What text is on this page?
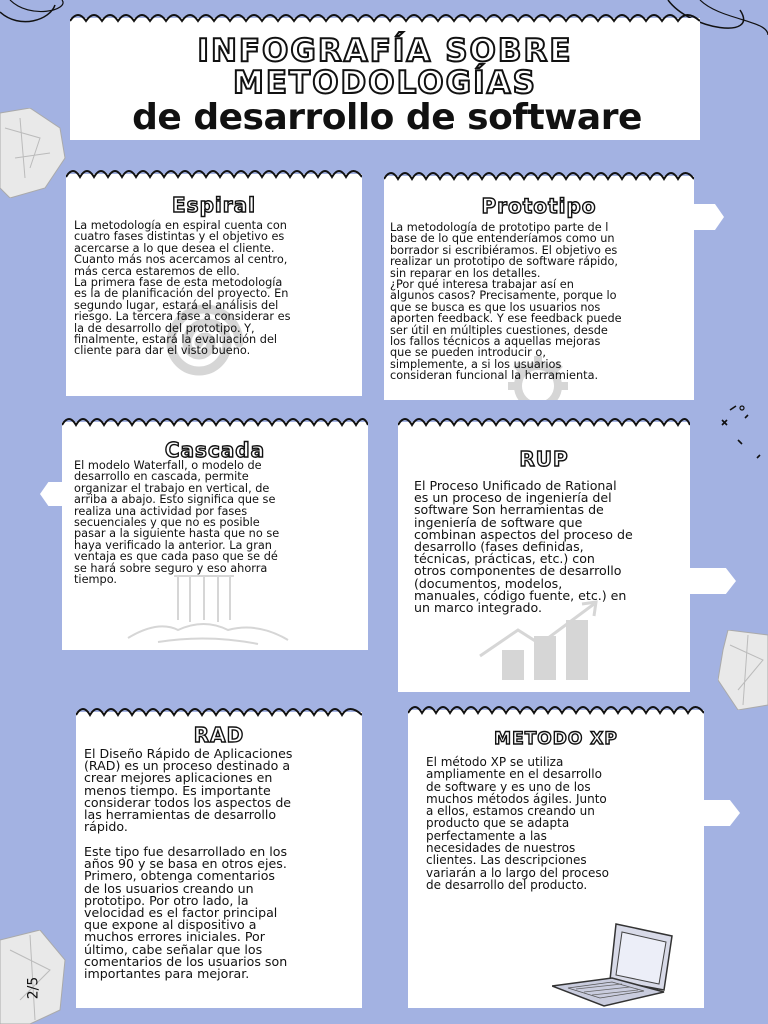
2/5
INFOGRAFÍA SOBRE
METODOLOGÍAS
de desarrollo de software
Espiral
La metodología en espiral cuenta con
cuatro fases distintas y el objetivo es
acercarse a lo que desea el cliente.
Cuanto más nos acercamos al centro,
más cerca estaremos de ello.
La primera fase de esta metodología
es la de planificación del proyecto. En
segundo lugar, estará el análisis del
riesgo. La tercera fase a considerar es
la de desarrollo del prototipo. Y,
finalmente, estará la evaluación del
cliente para dar el visto bueno.
Prototipo
La metodología de prototipo parte de l
base de lo que entenderíamos como un
borrador si escribiéramos. El objetivo es
realizar un prototipo de software rápido,
sin reparar en los detalles.
¿Por qué interesa trabajar así en
algunos casos? Precisamente, porque lo
que se busca es que los usuarios nos
aporten feedback. Y ese feedback puede
ser útil en múltiples cuestiones, desde
los fallos técnicos a aquellas mejoras
que se pueden introducir o,
simplemente, a si los usuarios
consideran funcional la herramienta.
Cascada
El modelo Waterfall, o modelo de
desarrollo en cascada, permite
organizar el trabajo en vertical, de
arriba a abajo. Esto significa que se
realiza una actividad por fases
secuenciales y que no es posible
pasar a la siguiente hasta que no se
haya verificado la anterior. La gran
ventaja es que cada paso que se dé
se hará sobre seguro y eso ahorra
tiempo.
RUP
El Proceso Unificado de Rational
es un proceso de ingeniería del
software Son herramientas de
ingeniería de software que
combinan aspectos del proceso de
desarrollo (fases definidas,
técnicas, prácticas, etc.) con
otros componentes de desarrollo
(documentos, modelos,
manuales, código fuente, etc.) en
un marco integrado.
RAD
El Diseño Rápido de Aplicaciones
(RAD) es un proceso destinado a
crear mejores aplicaciones en
menos tiempo. Es importante
considerar todos los aspectos de
las herramientas de desarrollo
rápido.
Este tipo fue desarrollado en los
años 90 y se basa en otros ejes.
Primero, obtenga comentarios
de los usuarios creando un
prototipo. Por otro lado, la
velocidad es el factor principal
que expone al dispositivo a
muchos errores iniciales. Por
último, cabe señalar que los
comentarios de los usuarios son
importantes para mejorar.
METODO XP
El método XP se utiliza
ampliamente en el desarrollo
de software y es uno de los
muchos métodos ágiles. Junto
a ellos, estamos creando un
producto que se adapta
perfectamente a las
necesidades de nuestros
clientes. Las descripciones
variarán a lo largo del proceso
de desarrollo del producto.
